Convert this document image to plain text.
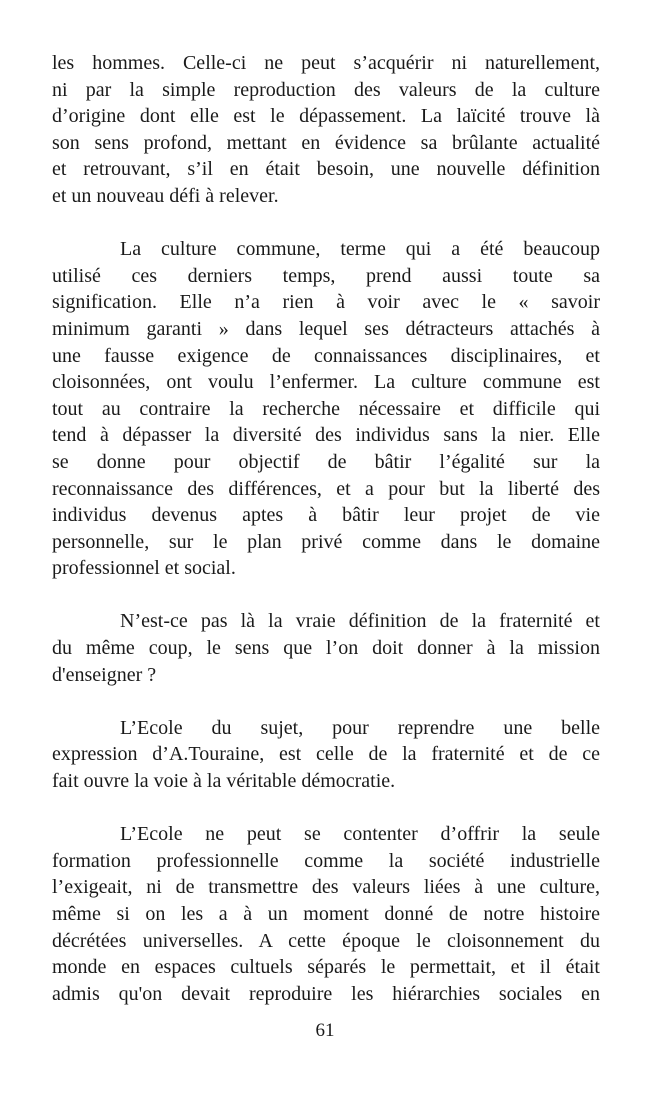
les hommes. Celle-ci ne peut s’acquérir ni naturellement,
ni par la simple reproduction des valeurs de la culture
d’origine dont elle est le dépassement. La laïcité trouve là
son sens profond, mettant en évidence sa brûlante actualité
et retrouvant, s’il en était besoin, une nouvelle définition
et un nouveau défi à relever.
La culture commune, terme qui a été beaucoup
utilisé ces derniers temps, prend aussi toute sa
signification. Elle n’a rien à voir avec le « savoir
minimum garanti » dans lequel ses détracteurs attachés à
une fausse exigence de connaissances disciplinaires, et
cloisonnées, ont voulu l’enfermer. La culture commune est
tout au contraire la recherche nécessaire et difficile qui
tend à dépasser la diversité des individus sans la nier. Elle
se donne pour objectif de bâtir l’égalité sur la
reconnaissance des différences, et a pour but la liberté des
individus devenus aptes à bâtir leur projet de vie
personnelle, sur le plan privé comme dans le domaine
professionnel et social.
N’est-ce pas là la vraie définition de la fraternité et
du même coup, le sens que l’on doit donner à la mission
d'enseigner ?
L’Ecole du sujet, pour reprendre une belle
expression d’A.Touraine, est celle de la fraternité et de ce
fait ouvre la voie à la véritable démocratie.
L’Ecole ne peut se contenter d’offrir la seule
formation professionnelle comme la société industrielle
l’exigeait, ni de transmettre des valeurs liées à une culture,
même si on les a à un moment donné de notre histoire
décrétées universelles. A cette époque le cloisonnement du
monde en espaces cultuels séparés le permettait, et il était
admis qu'on devait reproduire les hiérarchies sociales en
61
